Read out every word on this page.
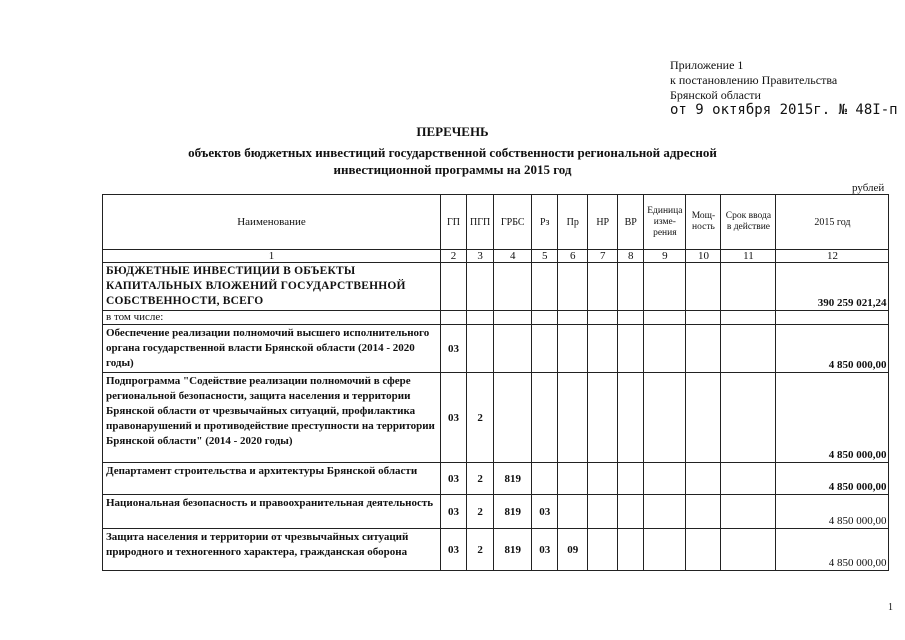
Приложение 1
к постановлению Правительства
Брянской области
от 9 октября 2015г. № 48I-п
ПЕРЕЧЕНЬ
объектов бюджетных инвестиций государственной собственности региональной адресной
инвестиционной программы на 2015 год
рублей
Наименование	ГП	ПГП	ГРБС	Рз	Пр	НР	ВР	Единица изме-рения	Мощ-ность	Срок ввода в действие	2015 год
1	2	3	4	5	6	7	8	9	10	11	12
БЮДЖЕТНЫЕ ИНВЕСТИЦИИ В ОБЪЕКТЫ КАПИТАЛЬНЫХ ВЛОЖЕНИЙ ГОСУДАРСТВЕННОЙ СОБСТВЕННОСТИ, ВСЕГО											390 259 021,24
в том числе:											
Обеспечение реализации полномочий высшего исполнительного органа государственной власти Брянской области (2014 - 2020 годы)	03										4 850 000,00
Подпрограмма "Содействие реализации полномочий в сфере региональной безопасности, защита населения и территории Брянской области от чрезвычайных ситуаций, профилактика правонарушений и противодействие преступности на территории Брянской области" (2014 - 2020 годы)	03	2									4 850 000,00
Департамент строительства и архитектуры Брянской области	03	2	819								4 850 000,00
Национальная безопасность и правоохранительная деятельность	03	2	819	03							4 850 000,00
Защита населения и территории от чрезвычайных ситуаций природного и техногенного характера, гражданская оборона	03	2	819	03	09						4 850 000,00
1
